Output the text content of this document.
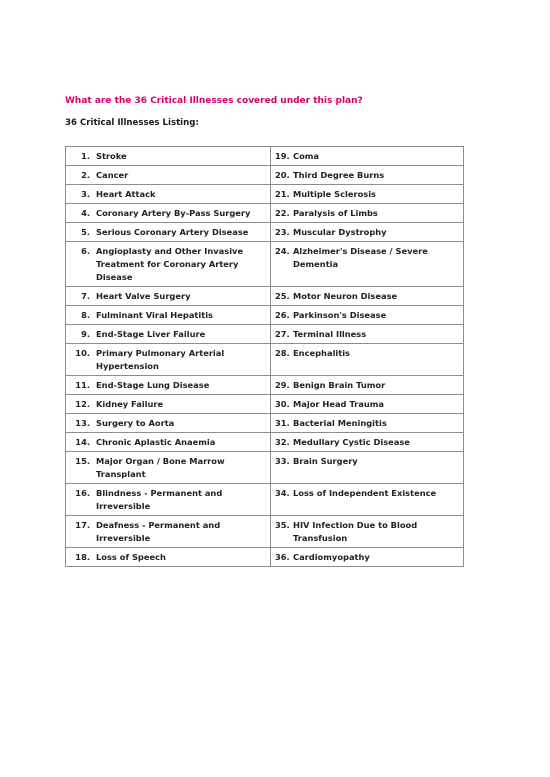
What are the 36 Critical Illnesses covered under this plan?
36 Critical Illnesses Listing:
1. Stroke	19. Coma

2. Cancer	20. Third Degree Burns

3. Heart Attack	21. Multiple Sclerosis

4. Coronary Artery By-Pass Surgery	22. Paralysis of Limbs

5. Serious Coronary Artery Disease	23. Muscular Dystrophy

6. Angioplasty and Other Invasive Treatment for Coronary Artery Disease	24. Alzheimer's Disease / Severe Dementia

7. Heart Valve Surgery	25. Motor Neuron Disease

8. Fulminant Viral Hepatitis	26. Parkinson's Disease

9. End-Stage Liver Failure	27. Terminal Illness

10. Primary Pulmonary Arterial Hypertension	28. Encephalitis

11. End-Stage Lung Disease	29. Benign Brain Tumor

12. Kidney Failure	30. Major Head Trauma

13. Surgery to Aorta	31. Bacterial Meningitis

14. Chronic Aplastic Anaemia	32. Medullary Cystic Disease

15. Major Organ / Bone Marrow Transplant	33. Brain Surgery

16. Blindness - Permanent and Irreversible	34. Loss of Independent Existence

17. Deafness - Permanent and Irreversible	35. HIV Infection Due to Blood Transfusion

18. Loss of Speech	36. Cardiomyopathy
